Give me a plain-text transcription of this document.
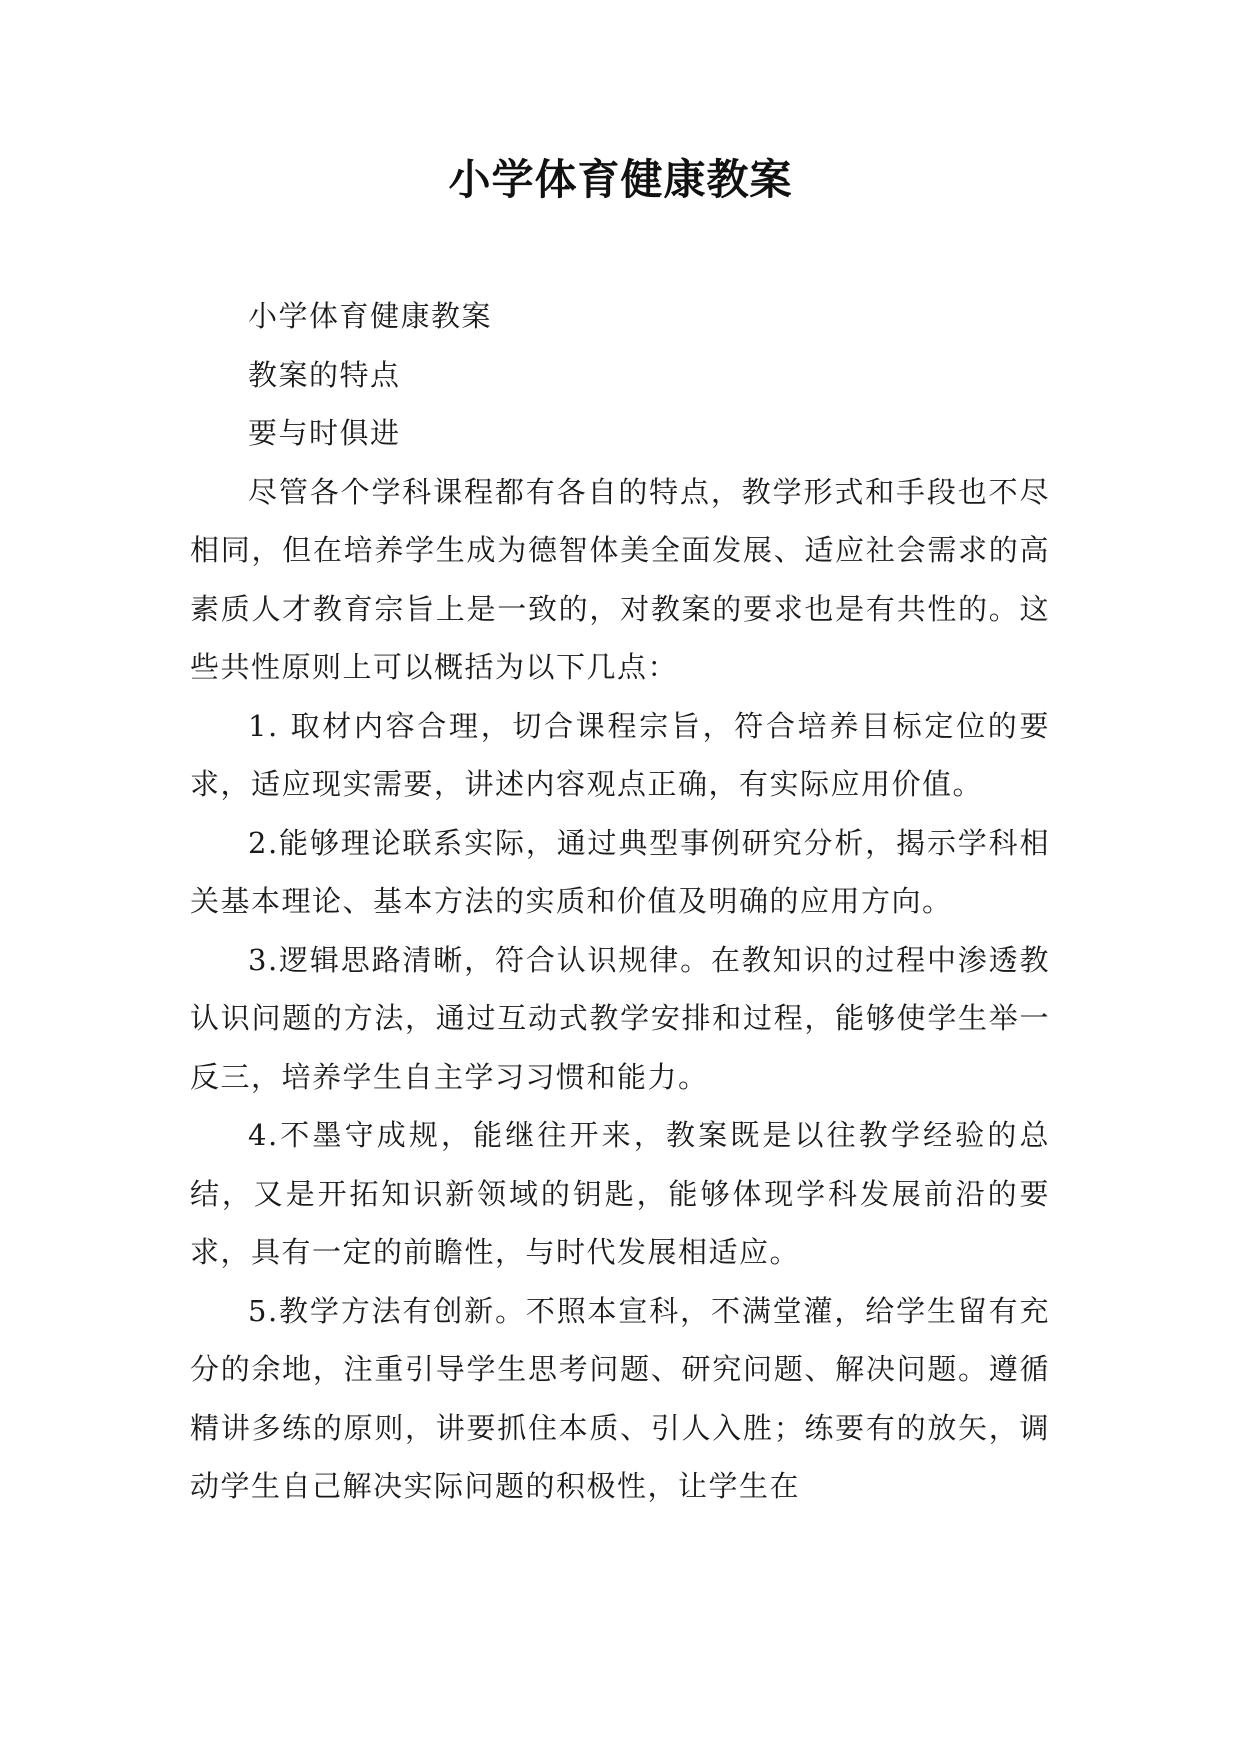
小学体育健康教案

小学体育健康教案

教案的特点

要与时俱进

尽管各个学科课程都有各自的特点，教学形式和手段也不尽相同，但在培养学生成为德智体美全面发展、适应社会需求的高素质人才教育宗旨上是一致的，对教案的要求也是有共性的。这些共性原则上可以概括为以下几点：

1. 取材内容合理，切合课程宗旨，符合培养目标定位的要求，适应现实需要，讲述内容观点正确，有实际应用价值。

2.能够理论联系实际，通过典型事例研究分析，揭示学科相关基本理论、基本方法的实质和价值及明确的应用方向。

3.逻辑思路清晰，符合认识规律。在教知识的过程中渗透教认识问题的方法，通过互动式教学安排和过程，能够使学生举一反三，培养学生自主学习习惯和能力。

4.不墨守成规，能继往开来，教案既是以往教学经验的总结，又是开拓知识新领域的钥匙，能够体现学科发展前沿的要求，具有一定的前瞻性，与时代发展相适应。

5.教学方法有创新。不照本宣科，不满堂灌，给学生留有充分的余地，注重引导学生思考问题、研究问题、解决问题。遵循精讲多练的原则，讲要抓住本质、引人入胜；练要有的放矢，调动学生自己解决实际问题的积极性，让学生在
